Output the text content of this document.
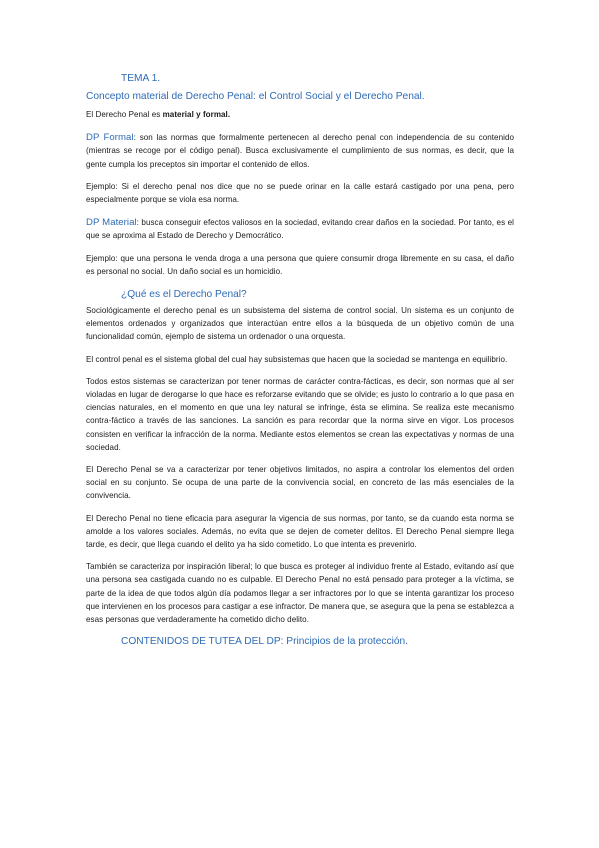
TEMA 1.
Concepto material de Derecho Penal: el Control Social y el Derecho Penal.

El Derecho Penal es material y formal.

DP Formal: son las normas que formalmente pertenecen al derecho penal con independencia de su contenido (mientras se recoge por el código penal). Busca exclusivamente el cumplimiento de sus normas, es decir, que la gente cumpla los preceptos sin importar el contenido de ellos.

Ejemplo: Si el derecho penal nos dice que no se puede orinar en la calle estará castigado por una pena, pero especialmente porque se viola esa norma.

DP Material: busca conseguir efectos valiosos en la sociedad, evitando crear daños en la sociedad. Por tanto, es el que se aproxima al Estado de Derecho y Democrático.

Ejemplo: que una persona le venda droga a una persona que quiere consumir droga libremente en su casa, el daño es personal no social. Un daño social es un homicidio.

¿Qué es el Derecho Penal?

Sociológicamente el derecho penal es un subsistema del sistema de control social. Un sistema es un conjunto de elementos ordenados y organizados que interactúan entre ellos a la búsqueda de un objetivo común de una funcionalidad común, ejemplo de sistema un ordenador o una orquesta.

El control penal es el sistema global del cual hay subsistemas que hacen que la sociedad se mantenga en equilibrio.

Todos estos sistemas se caracterizan por tener normas de carácter contra-fácticas, es decir, son normas que al ser violadas en lugar de derogarse lo que hace es reforzarse evitando que se olvide; es justo lo contrario a lo que pasa en ciencias naturales, en el momento en que una ley natural se infringe, ésta se elimina. Se realiza este mecanismo contra-fáctico a través de las sanciones. La sanción es para recordar que la norma sirve en vigor. Los procesos consisten en verificar la infracción de la norma. Mediante estos elementos se crean las expectativas y normas de una sociedad.

El Derecho Penal se va a caracterizar por tener objetivos limitados, no aspira a controlar los elementos del orden social en su conjunto. Se ocupa de una parte de la convivencia social, en concreto de las más esenciales de la convivencia.

El Derecho Penal no tiene eficacia para asegurar la vigencia de sus normas, por tanto, se da cuando esta norma se amolde a los valores sociales. Además, no evita que se dejen de cometer delitos. El Derecho Penal siempre llega tarde, es decir, que llega cuando el delito ya ha sido cometido. Lo que intenta es prevenirlo.

También se caracteriza por inspiración liberal; lo que busca es proteger al individuo frente al Estado, evitando así que una persona sea castigada cuando no es culpable. El Derecho Penal no está pensado para proteger a la víctima, se parte de la idea de que todos algún día podamos llegar a ser infractores por lo que se intenta garantizar los proceso que intervienen en los procesos para castigar a ese infractor. De manera que, se asegura que la pena se establezca a esas personas que verdaderamente ha cometido dicho delito.

CONTENIDOS DE TUTEA DEL DP: Principios de la protección.
